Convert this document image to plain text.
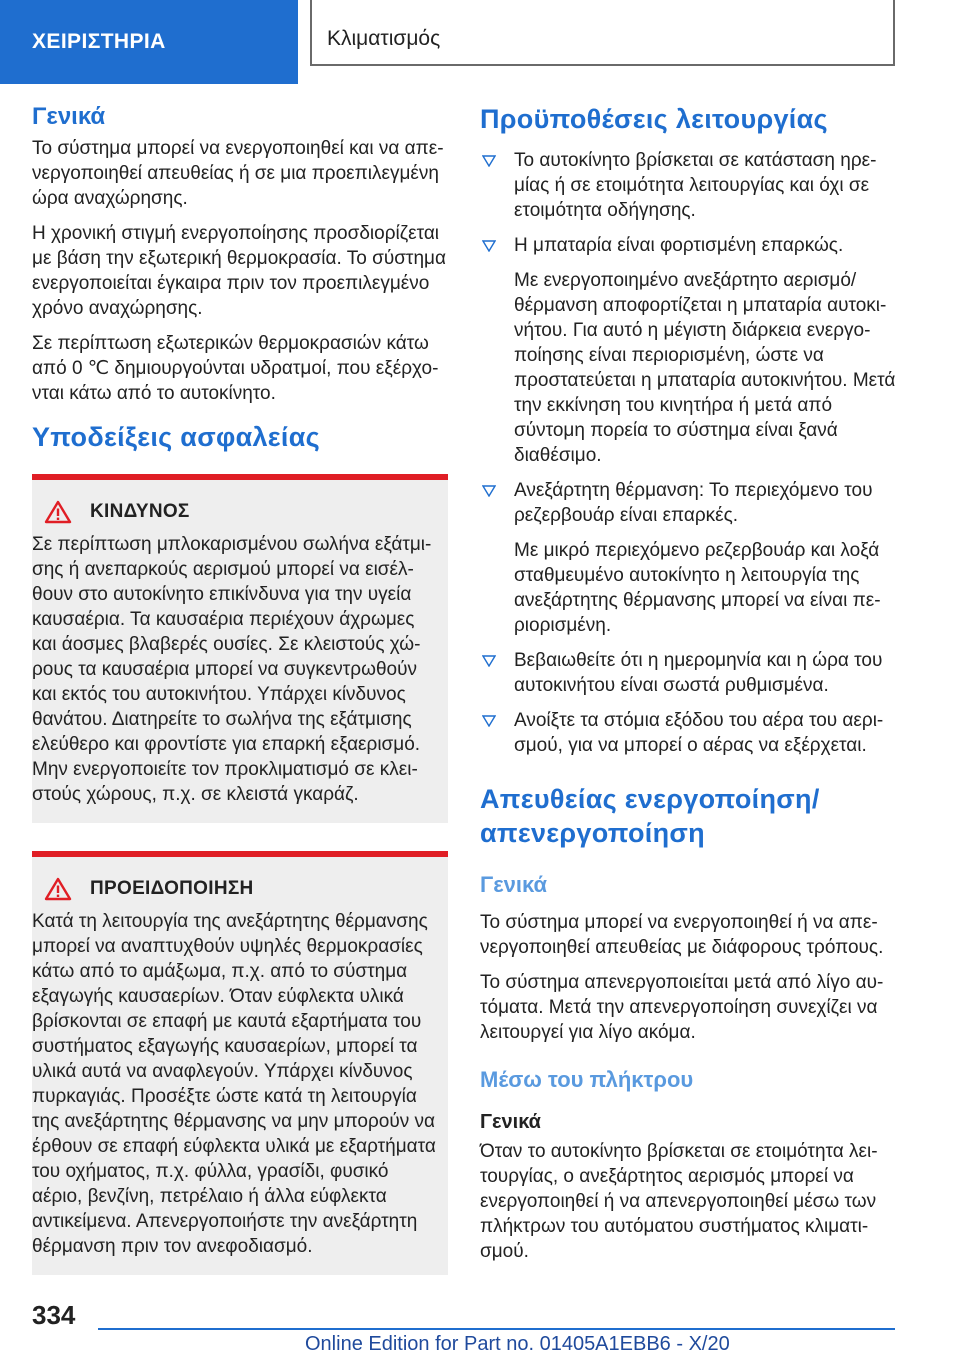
ΧΕΙΡΙΣΤΗΡΙΑ	Κλιματισμός
Γενικά

Το σύστημα μπορεί να ενεργοποιηθεί και να απενεργοποιηθεί απευθείας ή σε μια προεπιλεγμένη ώρα αναχώρησης.

Η χρονική στιγμή ενεργοποίησης προσδιορίζεται με βάση την εξωτερική θερμοκρασία. Το σύστημα ενεργοποιείται έγκαιρα πριν τον προεπιλεγμένο χρόνο αναχώρησης.

Σε περίπτωση εξωτερικών θερμοκρασιών κάτω από 0 ℃ δημιουργούνται υδρατμοί, που εξέρχονται κάτω από το αυτοκίνητο.

Υποδείξεις ασφαλείας
ΚΙΝΔΥΝΟΣ

Σε περίπτωση μπλοκαρισμένου σωλήνα εξάτμισης ή ανεπαρκούς αερισμού μπορεί να εισέλθουν στο αυτοκίνητο επικίνδυνα για την υγεία καυσαέρια. Τα καυσαέρια περιέχουν άχρωμες και άοσμες βλαβερές ουσίες. Σε κλειστούς χώρους τα καυσαέρια μπορεί να συγκεντρωθούν και εκτός του αυτοκινήτου. Υπάρχει κίνδυνος θανάτου. Διατηρείτε το σωλήνα της εξάτμισης ελεύθερο και φροντίστε για επαρκή εξαερισμό. Μην ενεργοποιείτε τον προκλιματισμό σε κλειστούς χώρους, π.χ. σε κλειστά γκαράζ.

ΠΡΟΕΙΔΟΠΟΙΗΣΗ

Κατά τη λειτουργία της ανεξάρτητης θέρμανσης μπορεί να αναπτυχθούν υψηλές θερμοκρασίες κάτω από το αμάξωμα, π.χ. από το σύστημα εξαγωγής καυσαερίων. Όταν εύφλεκτα υλικά βρίσκονται σε επαφή με καυτά εξαρτήματα του συστήματος εξαγωγής καυσαερίων, μπορεί τα υλικά αυτά να αναφλεγούν. Υπάρχει κίνδυνος πυρκαγιάς. Προσέξτε ώστε κατά τη λειτουργία της ανεξάρτητης θέρμανσης να μην μπορούν να έρθουν σε επαφή εύφλεκτα υλικά με εξαρτήματα του οχήματος, π.χ. φύλλα, γρασίδι, φυσικό αέριο, βενζίνη, πετρέλαιο ή άλλα εύφλεκτα αντικείμενα. Απενεργοποιήστε την ανεξάρτητη θέρμανση πριν τον ανεφοδιασμό.

Προϋποθέσεις λειτουργίας
Το αυτοκίνητο βρίσκεται σε κατάσταση ηρεμίας ή σε ετοιμότητα λειτουργίας και όχι σε ετοιμότητα οδήγησης.
Η μπαταρία είναι φορτισμένη επαρκώς.

Με ενεργοποιημένο ανεξάρτητο αερισμό/ θέρμανση αποφορτίζεται η μπαταρία αυτοκινήτου. Για αυτό η μέγιστη διάρκεια ενεργοποίησης είναι περιορισμένη, ώστε να προστατεύεται η μπαταρία αυτοκινήτου. Μετά την εκκίνηση του κινητήρα ή μετά από σύντομη πορεία το σύστημα είναι ξανά διαθέσιμο.

Ανεξάρτητη θέρμανση: Το περιεχόμενο του ρεζερβουάρ είναι επαρκές.

Με μικρό περιεχόμενο ρεζερβουάρ και λοξά σταθμευμένο αυτοκίνητο η λειτουργία της ανεξάρτητης θέρμανσης μπορεί να είναι περιορισμένη.

Βεβαιωθείτε ότι η ημερομηνία και η ώρα του αυτοκινήτου είναι σωστά ρυθμισμένα.
Ανοίξτε τα στόμια εξόδου του αέρα του αερισμού, για να μπορεί ο αέρας να εξέρχεται.
Απευθείας ενεργοποίηση/ απενεργοποίηση
Γενικά

Το σύστημα μπορεί να ενεργοποιηθεί ή να απενεργοποιηθεί απευθείας με διάφορους τρόπους.

Το σύστημα απενεργοποιείται μετά από λίγο αυτόματα. Μετά την απενεργοποίηση συνεχίζει να λειτουργεί για λίγο ακόμα.

Μέσω του πλήκτρου
Γενικά

Όταν το αυτοκίνητο βρίσκεται σε ετοιμότητα λειτουργίας, ο ανεξάρτητος αερισμός μπορεί να ενεργοποιηθεί ή να απενεργοποιηθεί μέσω των πλήκτρων του αυτόματου συστήματος κλιματισμού.

334
Online Edition for Part no. 01405A1EBB6 - X/20
